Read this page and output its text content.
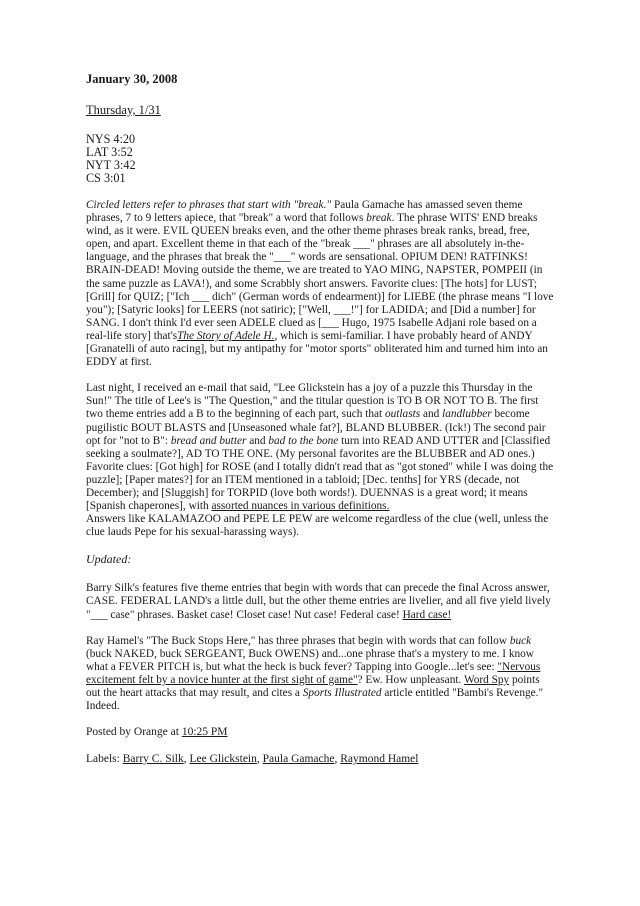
January 30, 2008
Thursday, 1/31
NYS 4:20
LAT 3:52
NYT 3:42
CS 3:01

Circled letters refer to phrases that start with "break." Paula Gamache has amassed seven theme phrases, 7 to 9 letters apiece, that "break" a word that follows break. The phrase WITS' END breaks wind, as it were. EVIL QUEEN breaks even, and the other theme phrases break ranks, bread, free, open, and apart. Excellent theme in that each of the "break ___" phrases are all absolutely in-the-language, and the phrases that break the "___" words are sensational. OPIUM DEN! RATFINKS! BRAIN-DEAD! Moving outside the theme, we are treated to YAO MING, NAPSTER, POMPEII (in the same puzzle as LAVA!), and some Scrabbly short answers. Favorite clues: [The hots] for LUST; [Grill] for QUIZ; ["Ich ___ dich" (German words of endearment)] for LIEBE (the phrase means "I love you"); [Satyric looks] for LEERS (not satiric); ["Well, ___!"] for LADIDA; and [Did a number] for SANG. I don't think I'd ever seen ADELE clued as [___ Hugo, 1975 Isabelle Adjani role based on a real-life story] that'sThe Story of Adele H., which is semi-familiar. I have probably heard of ANDY [Granatelli of auto racing], but my antipathy for "motor sports" obliterated him and turned him into an EDDY at first.

Last night, I received an e-mail that said, "Lee Glickstein has a joy of a puzzle this Thursday in the Sun!" The title of Lee's is "The Question," and the titular question is TO B OR NOT TO B. The first two theme entries add a B to the beginning of each part, such that outlasts and landlubber become pugilistic BOUT BLASTS and [Unseasoned whale fat?], BLAND BLUBBER. (Ick!) The second pair opt for "not to B": bread and butter and bad to the bone turn into READ AND UTTER and [Classified seeking a soulmate?], AD TO THE ONE. (My personal favorites are the BLUBBER and AD ones.) Favorite clues: [Got high] for ROSE (and I totally didn't read that as "got stoned" while I was doing the puzzle]; [Paper mates?] for an ITEM mentioned in a tabloid; [Dec. tenths] for YRS (decade, not December); and [Sluggish] for TORPID (love both words!). DUENNAS is a great word; it means [Spanish chaperones], with assorted nuances in various definitions.

Answers like KALAMAZOO and PEPE LE PEW are welcome regardless of the clue (well, unless the clue lauds Pepe for his sexual-harassing ways).

Updated:

Barry Silk's features five theme entries that begin with words that can precede the final Across answer, CASE. FEDERAL LAND's a little dull, but the other theme entries are livelier, and all five yield lively "___ case" phrases. Basket case! Closet case! Nut case! Federal case! Hard case!

Ray Hamel's "The Buck Stops Here," has three phrases that begin with words that can follow buck (buck NAKED, buck SERGEANT, Buck OWENS) and...one phrase that's a mystery to me. I know what a FEVER PITCH is, but what the heck is buck fever? Tapping into Google...let's see: "Nervous excitement felt by a novice hunter at the first sight of game"? Ew. How unpleasant. Word Spy points out the heart attacks that may result, and cites a Sports Illustrated article entitled "Bambi's Revenge." Indeed.

Posted by Orange at 10:25 PM
Labels: Barry C. Silk, Lee Glickstein, Paula Gamache, Raymond Hamel
